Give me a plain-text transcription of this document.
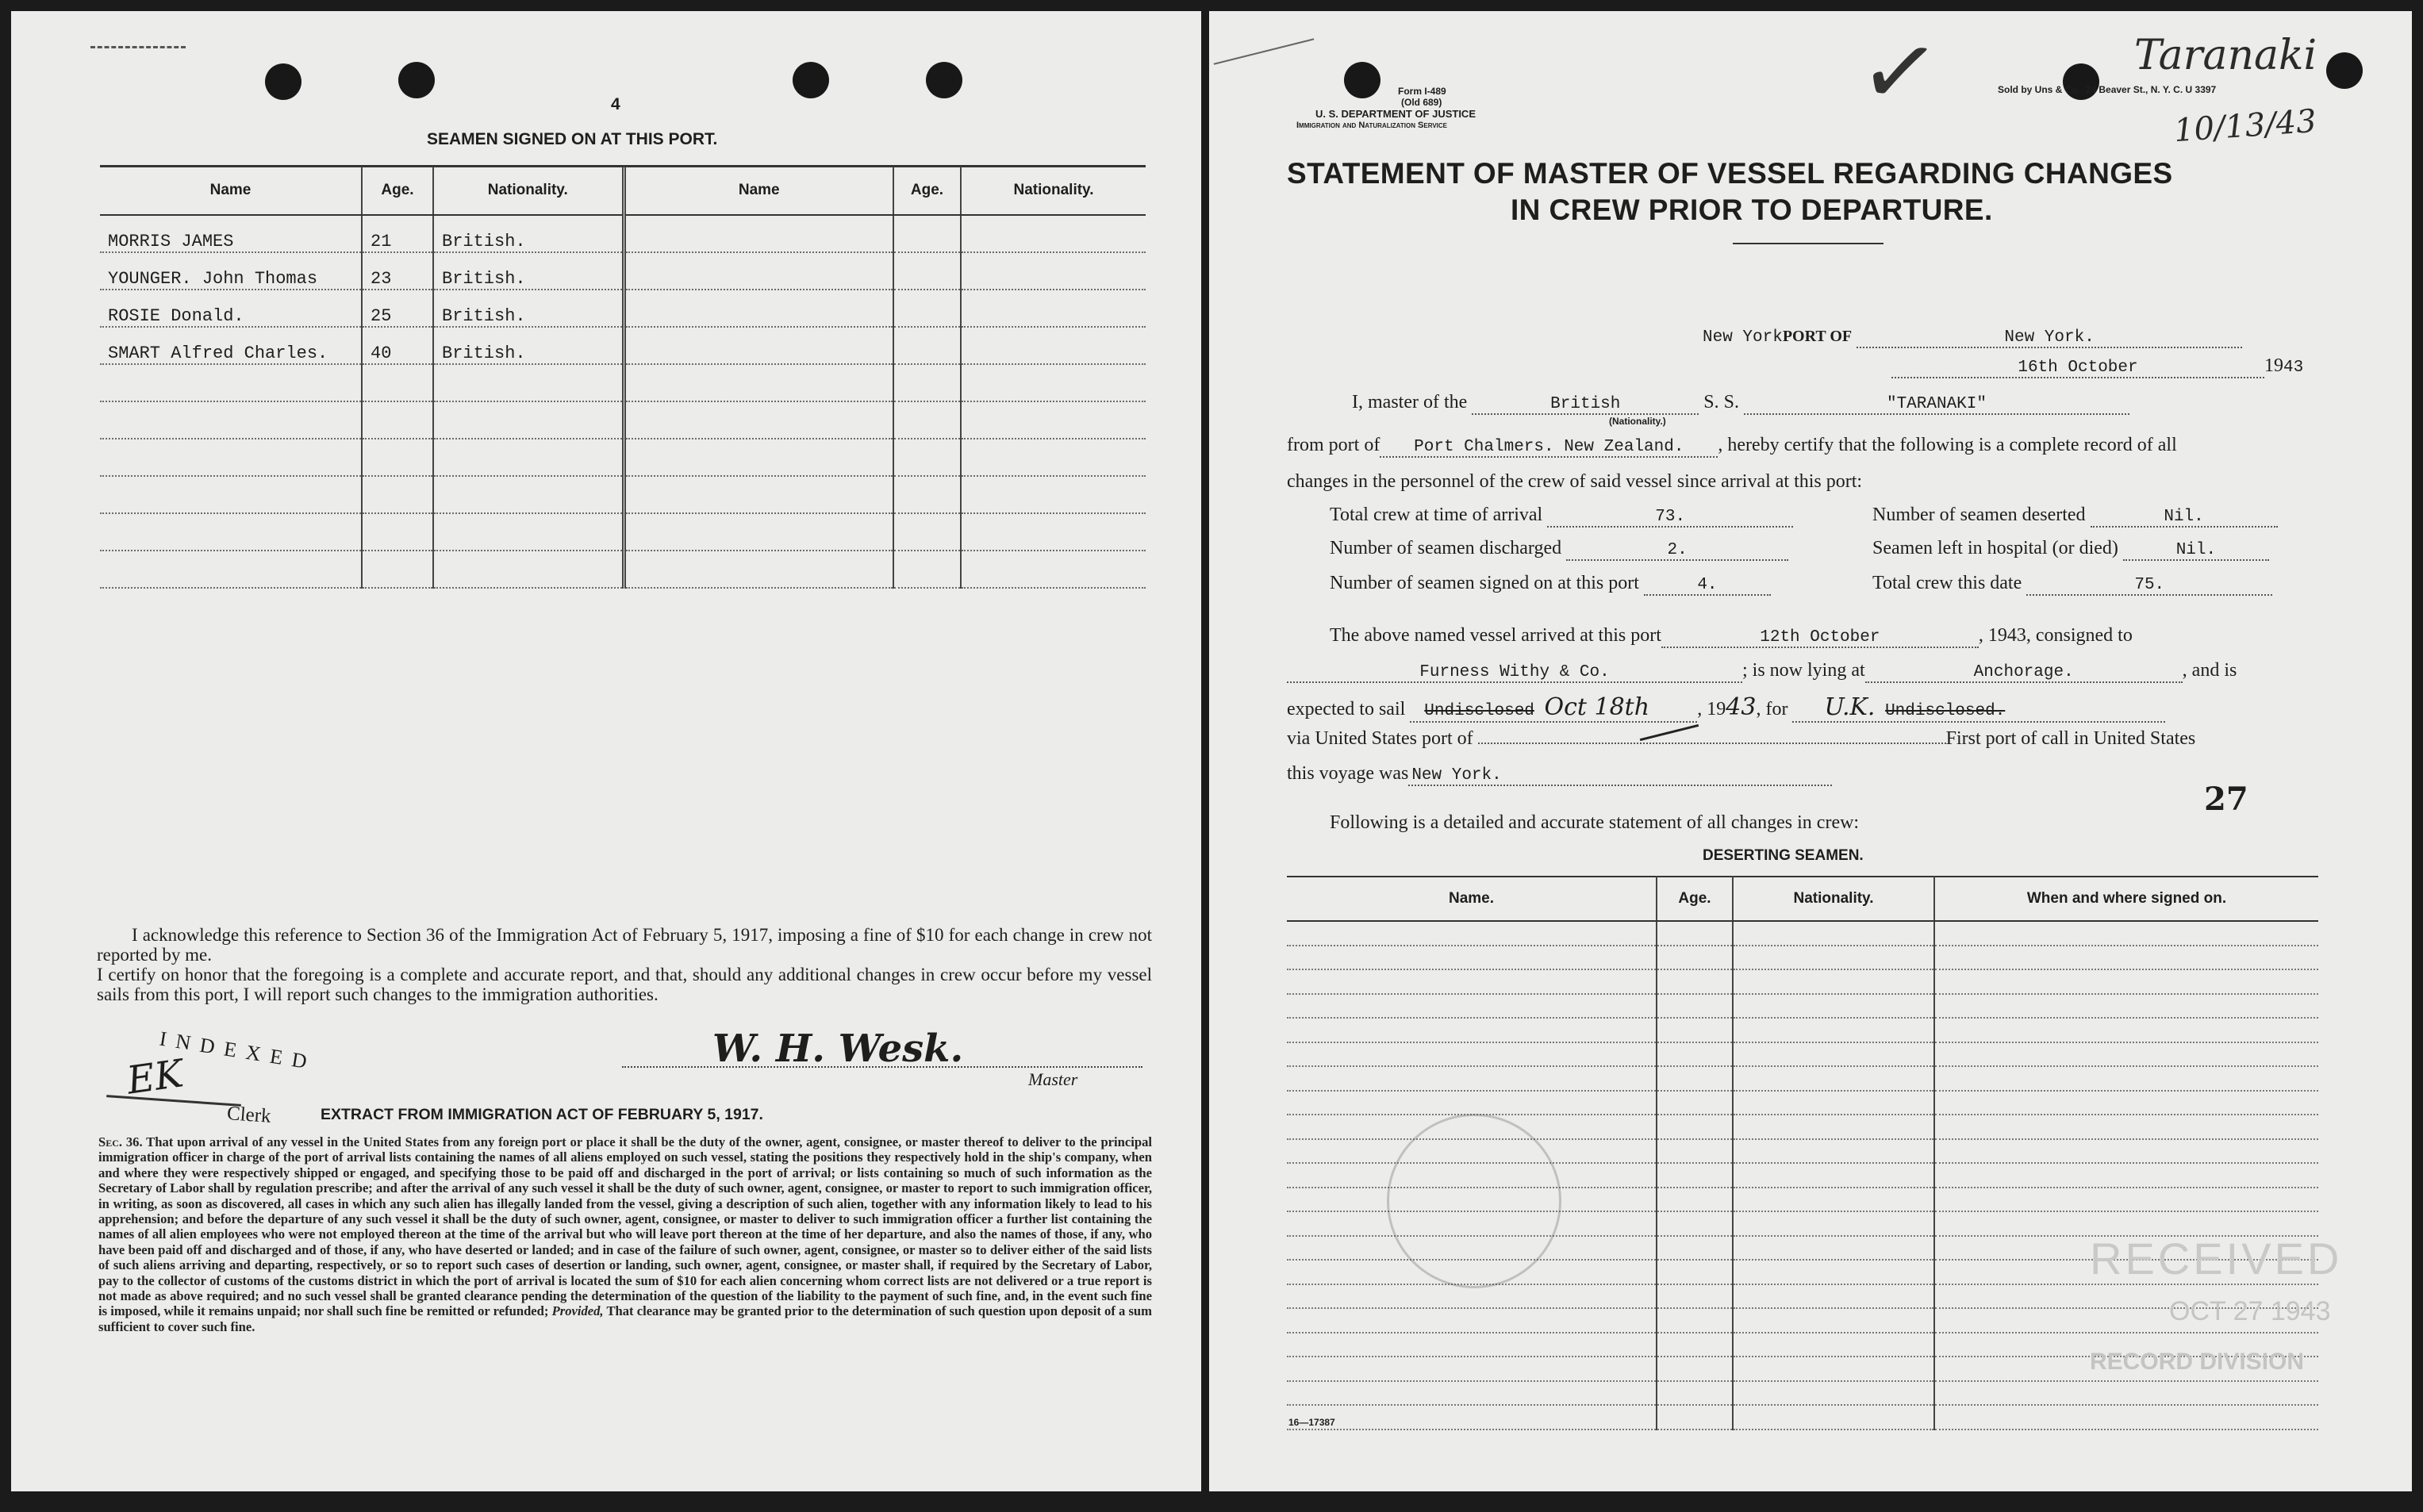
4
SEAMEN SIGNED ON AT THIS PORT.
Name	Age.	Nationality.	Name	Age.	Nationality.
MORRIS JAMES	21	British.			
YOUNGER. John Thomas	23	British.			
ROSIE Donald.	25	British.			
SMART Alfred Charles.	40	British.			

I acknowledge this reference to Section 36 of the Immigration Act of February 5, 1917, imposing a fine of $10 for each change in crew not reported by me.
I certify on honor that the foregoing is a complete and accurate report, and that, should any additional changes in crew occur before my vessel sails from this port, I will report such changes to the immigration authorities.
INDEXED
EK
Clerk
W. H. Wesk.
Master
EXTRACT FROM IMMIGRATION ACT OF FEBRUARY 5, 1917.
Sec. 36. That upon arrival of any vessel in the United States from any foreign port or place it shall be the duty of the owner, agent, consignee, or master thereof to deliver to the principal immigration officer in charge of the port of arrival lists containing the names of all aliens employed on such vessel, stating the positions they respectively hold in the ship's company, when and where they were respectively shipped or engaged, and specifying those to be paid off and discharged in the port of arrival; or lists containing so much of such information as the Secretary of Labor shall by regulation prescribe; and after the arrival of any such vessel it shall be the duty of such owner, agent, consignee, or master to report to such immigration officer, in writing, as soon as discovered, all cases in which any such alien has illegally landed from the vessel, giving a description of such alien, together with any information likely to lead to his apprehension; and before the departure of any such vessel it shall be the duty of such owner, agent, consignee, or master to deliver to such immigration officer a further list containing the names of all alien employees who were not employed thereon at the time of the arrival but who will leave port thereon at the time of her departure, and also the names of those, if any, who have been paid off and discharged and of those, if any, who have deserted or landed; and in case of the failure of such owner, agent, consignee, or master so to deliver either of the said lists of such aliens arriving and departing, respectively, or so to report such cases of desertion or landing, such owner, agent, consignee, or master shall, if required by the Secretary of Labor, pay to the collector of customs of the customs district in which the port of arrival is located the sum of $10 for each alien concerning whom correct lists are not delivered or a true report is not made as above required; and no such vessel shall be granted clearance pending the determination of the question of the liability to the payment of such fine, and, in the event such fine is imposed, while it remains unpaid; nor shall such fine be remitted or refunded; Provided, That clearance may be granted prior to the determination of such question upon deposit of a sum sufficient to cover such fine.
✓
Form I-489
(Old 689)
U. S. DEPARTMENT OF JUSTICE
Immigration and Naturalization Service
Sold by Uns & Co., 24 Beaver St., N. Y. C. U 3397
Taranaki
10/13/43
STATEMENT OF MASTER OF VESSEL REGARDING CHANGES
IN CREW PRIOR TO DEPARTURE.
New YorkPORT OF	New York.
16th October	1943
I, master of the	British	S. S.	"TARANAKI"
(Nationality.)
from port of Port Chalmers. New Zealand. , hereby certify that the following is a complete record of all
changes in the personnel of the crew of said vessel since arrival at this port:
Total crew at time of arrival	73.	Number of seamen deserted	Nil.
Number of seamen discharged	2.	Seamen left in hospital (or died)	Nil.
Number of seamen signed on at this port	4.	Total crew this date	75.
The above named vessel arrived at this port	12th October	, 1943, consigned to
Furness Withy & Co.	; is now lying at	Anchorage.	, and is
expected to sail Undisclosed Oct 18th	, 1943, for U.K. Undisclosed.
via United States port of	First port of call in United States
this voyage was New York.
27
Following is a detailed and accurate statement of all changes in crew:
DESERTING SEAMEN.
Name.	Age.	Nationality.	When and where signed on.

RECEIVED
OCT 27 1943
RECORD DIVISION
16—17387
